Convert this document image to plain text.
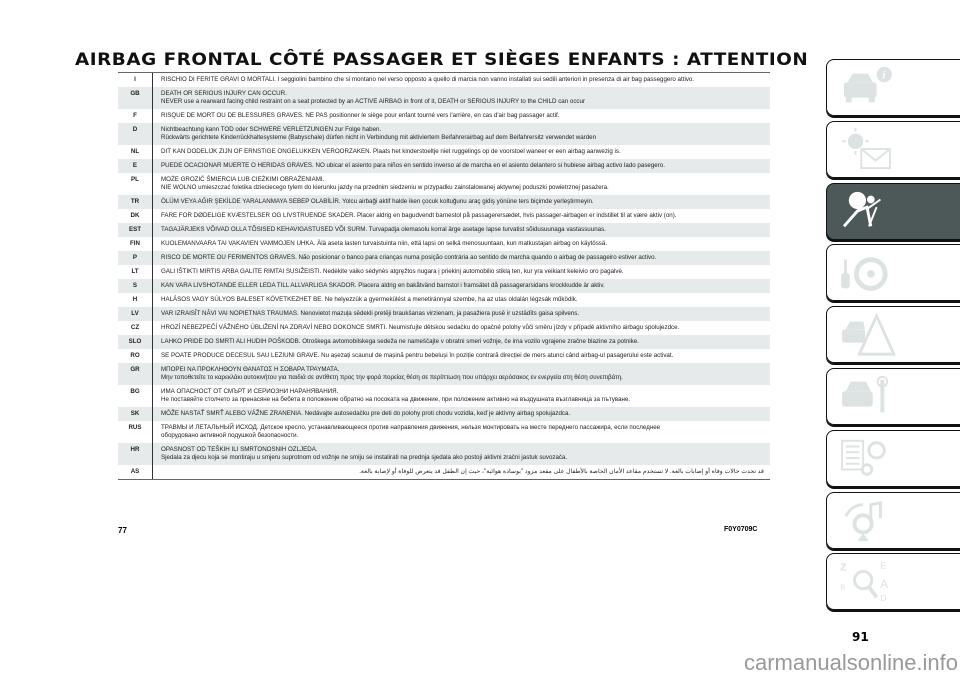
AIRBAG FRONTAL CÔTÉ PASSAGER ET SIÈGES ENFANTS : ATTENTION
I	RISCHIO DI FERITE GRAVI O MORTALI. I seggiolini bambino che si montano nel verso opposto a quello di marcia non vanno installati sui sedili anteriori in presenza di air bag passeggero attivo.
GB	DEATH OR SERIOUS INJURY CAN OCCUR.
NEVER use a rearward facing child restraint on a seat protected by an ACTIVE AIRBAG in front of it, DEATH or SERIOUS INJURY to the CHILD can occur
F	RISQUE DE MORT OU DE BLESSURES GRAVES. NE PAS positionner le siège pour enfant tourné vers l'arrière, en cas d'air bag passager actif.
D	Nichtbeachtung kann TOD oder SCHWERE VERLETZUNGEN zur Folge haben.
Rückwärts gerichtete Kinderrückhaltesysteme (Babyschale) dürfen nicht in Verbindung mit aktiviertem Beifahrerairbag auf dem Beifahrersitz verwendet warden
NL	DIT KAN DODELIJK ZIJN OF ERNSTIGE ONGELUKKEN VEROORZAKEN. Plaats het kinderstoeltje niet ruggelings op de voorstoel waneer er een airbag aanwezig is.
E	PUEDE OCACIONAR MUERTE O HERIDAS GRAVES. NO ubicar el asiento para niños en sentido inverso al de marcha en el asiento delantero si hubiese airbag activo lado pasegero.
PL	MOŻE GROZIĆ ŚMIERCIA LUB CIEŻKIMI OBRAŻENIAMI.
NIE WOLNO umieszczać foletika dzieciecego tylem do kierunku jazdy na przednim siedzeniu w przypadku zainstalowanej aktywnej poduszki powietrznej pasażera.
TR	ÖLÜM VEYA AĞIR ŞEKİLDE YARALANMAYA SEBEP OLABİLİR. Yolcu airbaği aktif halde iken çocuk koltuğunu araç gidiş yönüne ters biçimde yerleştirmeyin.
DK	FARE FOR DØDELIGE KVÆSTELSER OG LIVSTRUENDE SKADER. Placer aldrig en bagudvendt barnestol på passagerersædet, hvis passager-airbagen er indstillet til at være aktiv (on).
EST	TAGAJÄRJEKS VÕIVAD OLLA TÕSISED KEHAVIGASTUSED VÕI SURM. Turvapadja olemasolu korral ärge asetage lapse turvatist sõidusuunaga vastassuunas.
FIN	KUOLEMANVAARA TAI VAKAVIEN VAMMOJEN UHKA. Älä aseta lasten turvaistuinta niin, että lapsi on selkä menosuuntaan, kun matkustajan airbag on käytössä.
P	RISCO DE MORTE OU FERIMENTOS GRAVES. Não posicionar o banco para crianças numa posição contrária ao sentido de marcha quando o airbag de passageiro estiver activo.
LT	GALI IŠTIKTI MIRTIS ARBA GALITE RIMTAI SUSIŽEISTI. Nedėkite vaiko sėdynės atgręžtos nugara į priekinį automobilio stiklą ten, kur yra veikiant keleivio oro pagalvė.
S	KAN VARA LIVSHOTANDE ELLER LEDA TILL ALLVARLIGA SKADOR. Placera aldrig en bakåtvänd barnstol i framsätet då passagerarsidans krockkudde är aktiv.
H	HALÁSOS VAGY SÚLYOS BALESET KÖVETKEZHET BE. Ne helyezzük a gyermekülést a menetiránnyal szembe, ha az utas oldalán légzsák működik.
LV	VAR IZRAISĪT NĀVI VAI NOPIETNAS TRAUMAS. Nenovietot mazuļa sēdekli pretēji braukšanas virzienam, ja pasažiera pusē ir uzstādīts gaisa spilvens.
CZ	HROZÍ NEBEZPEČÍ VÁŽNÉHO ÚBLIŽENÍ NA ZDRAVÍ NEBO DOKONCE SMRTI. Neumisťujte dětskou sedačku do opačné polohy vůči směru jízdy v případě aktivního airbagu spolujezdce.
SLO	LAHKO PRIDE DO SMRTI ALI HUDIH POŠKODB. Otroškega avtomobilskega sedeža ne nameščajte v obratni smeri vožnje, če ima vozilo vgrajene zračne blazine za potnike.
RO	SE POATE PRODUCE DECESUL SAU LEZIUNI GRAVE. Nu așezați scaunul de mașină pentru bebeluși în poziție contrară direcției de mers atunci când airbag-ul pasagerului este activat.
GR	ΜΠΟΡΕΙ ΝΑ ΠΡΟΚΛΗΘΟΥΝ ΘΑΝΑΤΟΣ Η ΣΟΒΑΡΑ ΤΡΑΥΜΑΤΑ.
Μην τοποθετείτε το καρεκλάκι αυτοκινήτου για παιδιά σε αντίθετη προς την φορά πορείας θέση σε περίπτωση που υπάρχει αερόσακος εν ενεργεία στη θέση συνεπιβάτη.
BG	ИМА ОПАСНОСТ ОТ СМЪРТ И СЕРИОЗНИ НАРАНЯВАНИЯ.
Не поставяйте столчето за пренасяне на бебета в положение обратно на посоката на движение, при положение активно на въздушната възглавница за пътуване.
SK	MÔŽE NASTAŤ SMRŤ ALEBO VÁŽNE ZRANENIA. Nedávajte autosedačku pre deti do polohy proti chodu vozidla, keď je aktívny airbag spolujazdca.
RUS	ТРАВМЫ И ЛЕТАЛЬНЫЙ ИСХОД. Детское кресло, устанавливающееся против направления движения, нельзя монтировать на месте переднего пассажира, если последнее
оборудовано активной подушкой безопасности.
HR	OPASNOST OD TEŠKIH ILI SMRTONOSNIH OZLJEDA.
Sjedala za djecu koja se montiraju u smjeru suprotnom od vožnje ne smiju se instalirati na prednja sjedala ako postoji aktivni zračni jastuk suvozača.
AS	قد تحدث حالات وفاة أو إصابات بالغة. لا تستخدم مقاعد الأمان الخاصة بالأطفال على مقعد مزود "بوسادة هوائية"، حيث إن الطفل قد يتعرض للوفاة أو لإصابة بالغة.
77	F0Y0709C
i
Z	E
B	A
D
91
carmanualsonline.info
